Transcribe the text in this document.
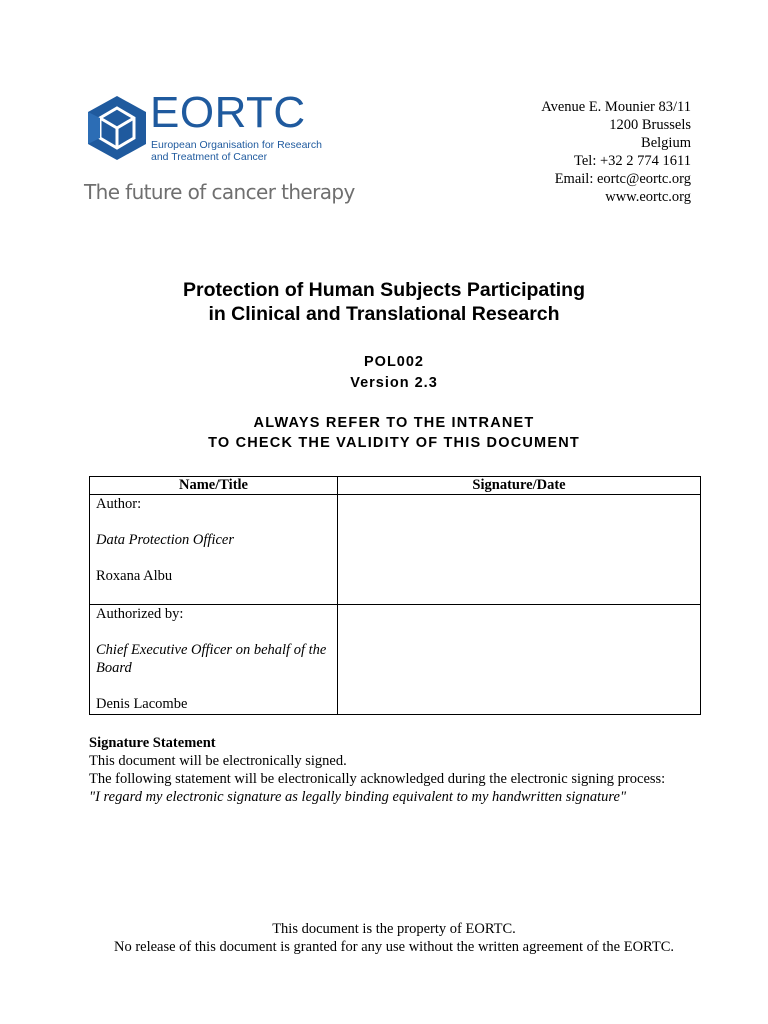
EORTC
European Organisation for Research
and Treatment of Cancer
The future of cancer therapy
Avenue E. Mounier 83/11
1200 Brussels
Belgium
Tel: +32 2 774 1611
Email: eortc@eortc.org
www.eortc.org
Protection of Human Subjects Participating
in Clinical and Translational Research
POL002
Version 2.3
ALWAYS REFER TO THE INTRANET
TO CHECK THE VALIDITY OF THIS DOCUMENT
Name/Title	Signature/Date

Author:
Data Protection Officer
Roxana Albu	

Authorized by:
Chief Executive Officer on behalf of the Board
Denis Lacombe	

Signature Statement
This document will be electronically signed.
The following statement will be electronically acknowledged during the electronic signing process:
"I regard my electronic signature as legally binding equivalent to my handwritten signature"
This document is the property of EORTC.
No release of this document is granted for any use without the written agreement of the EORTC.
